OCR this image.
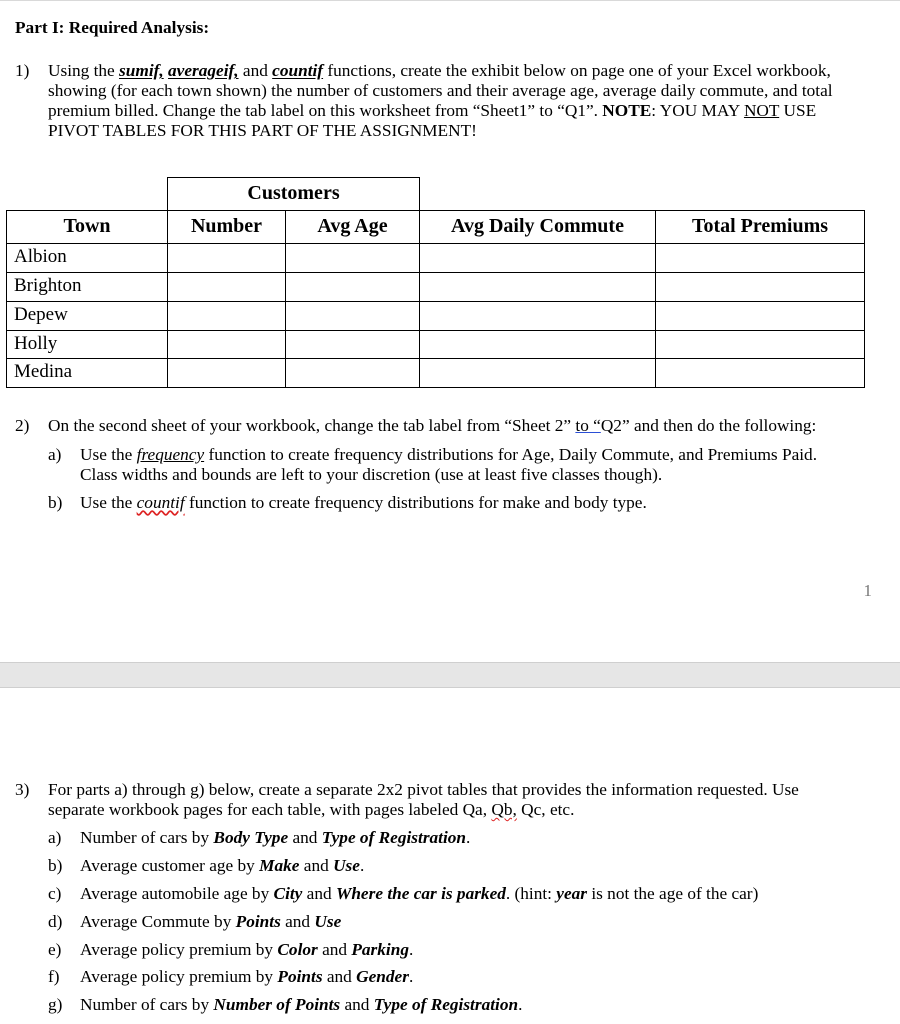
Part I: Required Analysis:
1) Using the sumif, averageif, and countif functions, create the exhibit below on page one of your Excel workbook,
showing (for each town shown) the number of customers and their average age, average daily commute, and total
premium billed. Change the tab label on this worksheet from “Sheet1” to “Q1”. NOTE: YOU MAY NOT USE
PIVOT TABLES FOR THIS PART OF THE ASSIGNMENT!
Customers
Town	Number	Avg Age	Avg Daily Commute	Total Premiums
Albion
Brighton
Depew
Holly
Medina
2) On the second sheet of your workbook, change the tab label from “Sheet 2” to “Q2” and then do the following:
a) Use the frequency function to create frequency distributions for Age, Daily Commute, and Premiums Paid.
Class widths and bounds are left to your discretion (use at least five classes though).
b) Use the countif function to create frequency distributions for make and body type.
1
3) For parts a) through g) below, create a separate 2x2 pivot tables that provides the information requested. Use
separate workbook pages for each table, with pages labeled Qa, Qb, Qc, etc.
a) Number of cars by Body Type and Type of Registration.
b) Average customer age by Make and Use.
c) Average automobile age by City and Where the car is parked. (hint: year is not the age of the car)
d) Average Commute by Points and Use
e) Average policy premium by Color and Parking.
f) Average policy premium by Points and Gender.
g) Number of cars by Number of Points and Type of Registration.
